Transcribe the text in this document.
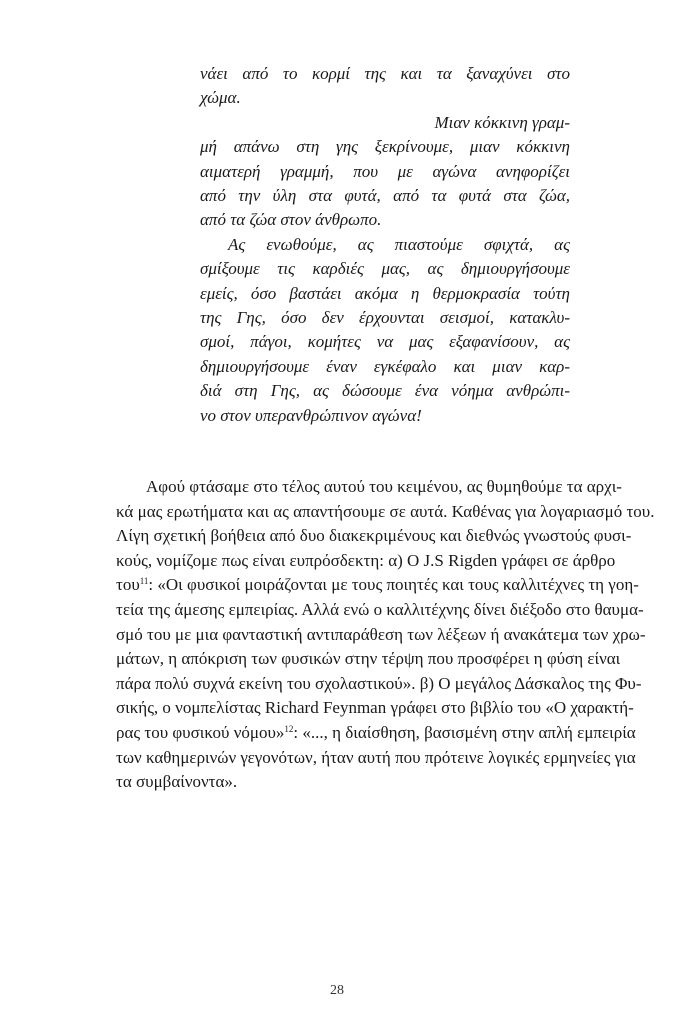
νάει από το κορμί της και τα ξαναχύνει στο
χώμα.
Μιαν κόκκινη γραμ-
μή απάνω στη γης ξεκρίνουμε, μιαν κόκκινη
αιματερή γραμμή, που με αγώνα ανηφορίζει
από την ύλη στα φυτά, από τα φυτά στα ζώα,
από τα ζώα στον άνθρωπο.
Ας ενωθούμε, ας πιαστούμε σφιχτά, ας
σμίξουμε τις καρδιές μας, ας δημιουργήσουμε
εμείς, όσο βαστάει ακόμα η θερμοκρασία τούτη
της Γης, όσο δεν έρχουνται σεισμοί, κατακλυ-
σμοί, πάγοι, κομήτες να μας εξαφανίσουν, ας
δημιουργήσουμε έναν εγκέφαλο και μιαν καρ-
διά στη Γης, ας δώσουμε ένα νόημα ανθρώπι-
νο στον υπερανθρώπινον αγώνα!
Αφού φτάσαμε στο τέλος αυτού του κειμένου, ας θυμηθούμε τα αρχι-
κά μας ερωτήματα και ας απαντήσουμε σε αυτά. Καθένας για λογαριασμό του.
Λίγη σχετική βοήθεια από δυο διακεκριμένους και διεθνώς γνωστούς φυσι-
κούς, νομίζομε πως είναι ευπρόσδεκτη: α) Ο J.S Rigden γράφει σε άρθρο
του$^{11}$: «Οι φυσικοί μοιράζονται με τους ποιητές και τους καλλιτέχνες τη γοη-
τεία της άμεσης εμπειρίας. Αλλά ενώ ο καλλιτέχνης δίνει διέξοδο στο θαυμα-
σμό του με μια φανταστική αντιπαράθεση των λέξεων ή ανακάτεμα των χρω-
μάτων, η απόκριση των φυσικών στην τέρψη που προσφέρει η φύση είναι
πάρα πολύ συχνά εκείνη του σχολαστικού». β) Ο μεγάλος Δάσκαλος της Φυ-
σικής, ο νομπελίστας Richard Feynman γράφει στο βιβλίο του «Ο χαρακτή-
ρας του φυσικού νόμου»$^{12}$: «..., η διαίσθηση, βασισμένη στην απλή εμπειρία
των καθημερινών γεγονότων, ήταν αυτή που πρότεινε λογικές ερμηνείες για
τα συμβαίνοντα».
28
